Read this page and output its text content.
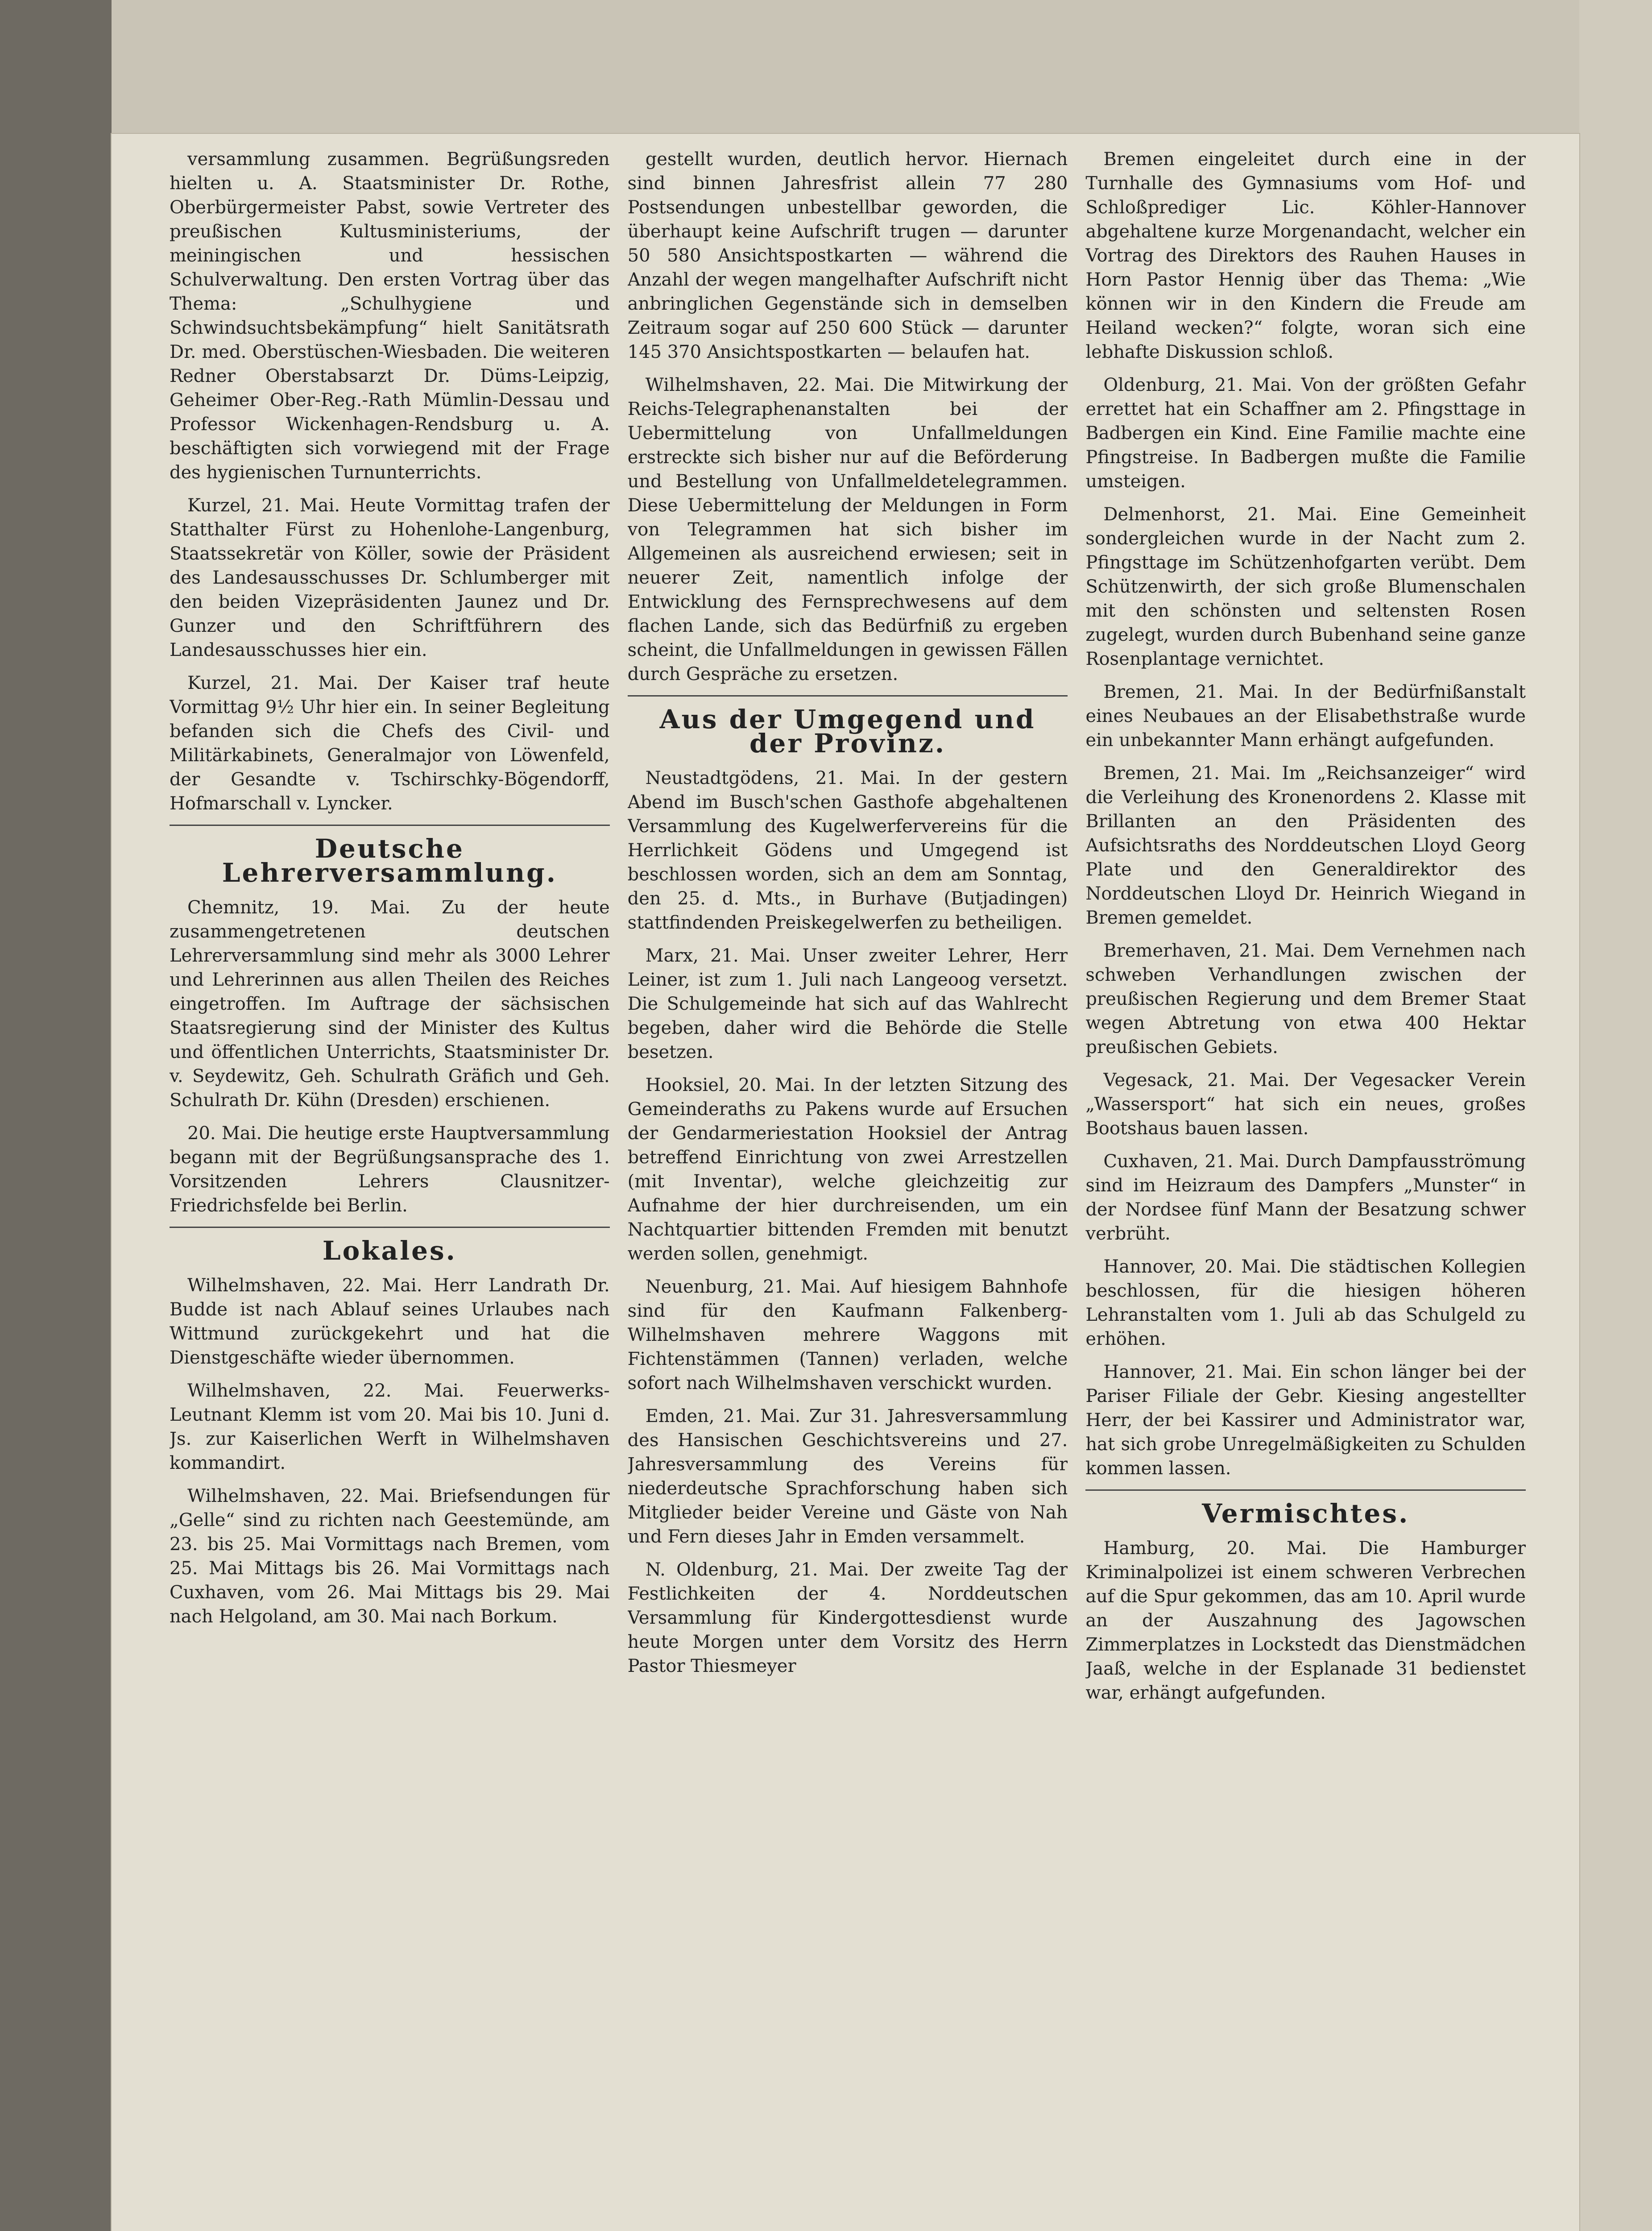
versammlung zusammen. Begrüßungsreden hielten u. A. Staatsminister Dr. Rothe, Oberbürgermeister Pabst, sowie Vertreter des preußischen Kultusministeriums, der meiningischen und hessischen Schulverwaltung. Den ersten Vortrag über das Thema: „Schulhygiene und Schwindsuchtsbekämpfung“ hielt Sanitätsrath Dr. med. Oberstüschen-Wiesbaden. Die weiteren Redner Oberstabsarzt Dr. Düms-Leipzig, Geheimer Ober-Reg.-Rath Mümlin-Dessau und Professor Wickenhagen-Rendsburg u. A. beschäftigten sich vorwiegend mit der Frage des hygienischen Turnunterrichts.

Kurzel, 21. Mai. Heute Vormittag trafen der Statthalter Fürst zu Hohenlohe-Langenburg, Staatssekretär von Köller, sowie der Präsident des Landesausschusses Dr. Schlumberger mit den beiden Vizepräsidenten Jaunez und Dr. Gunzer und den Schriftführern des Landesausschusses hier ein.

Kurzel, 21. Mai. Der Kaiser traf heute Vormittag 9½ Uhr hier ein. In seiner Begleitung befanden sich die Chefs des Civil- und Militärkabinets, Generalmajor von Löwenfeld, der Gesandte v. Tschirschky-Bögendorff, Hofmarschall v. Lyncker.

Deutsche Lehrerversammlung.

Chemnitz, 19. Mai. Zu der heute zusammengetretenen deutschen Lehrerversammlung sind mehr als 3000 Lehrer und Lehrerinnen aus allen Theilen des Reiches eingetroffen. Im Auftrage der sächsischen Staatsregierung sind der Minister des Kultus und öffentlichen Unterrichts, Staatsminister Dr. v. Seydewitz, Geh. Schulrath Gräfich und Geh. Schulrath Dr. Kühn (Dresden) erschienen.

20. Mai. Die heutige erste Hauptversammlung begann mit der Begrüßungsansprache des 1. Vorsitzenden Lehrers Clausnitzer-Friedrichsfelde bei Berlin.

Lokales.

Wilhelmshaven, 22. Mai. Herr Landrath Dr. Budde ist nach Ablauf seines Urlaubes nach Wittmund zurückgekehrt und hat die Dienstgeschäfte wieder übernommen.

Wilhelmshaven, 22. Mai. Feuerwerks-Leutnant Klemm ist vom 20. Mai bis 10. Juni d. Js. zur Kaiserlichen Werft in Wilhelmshaven kommandirt.

Wilhelmshaven, 22. Mai. Briefsendungen für „Gelle“ sind zu richten nach Geestemünde, am 23. bis 25. Mai Vormittags nach Bremen, vom 25. Mai Mittags bis 26. Mai Vormittags nach Cuxhaven, vom 26. Mai Mittags bis 29. Mai nach Helgoland, am 30. Mai nach Borkum.

gestellt wurden, deutlich hervor. Hiernach sind binnen Jahresfrist allein 77 280 Postsendungen unbestellbar geworden, die überhaupt keine Aufschrift trugen — darunter 50 580 Ansichtspostkarten — während die Anzahl der wegen mangelhafter Aufschrift nicht anbringlichen Gegenstände sich in demselben Zeitraum sogar auf 250 600 Stück — darunter 145 370 Ansichtspostkarten — belaufen hat.

Wilhelmshaven, 22. Mai. Die Mitwirkung der Reichs-Telegraphenanstalten bei der Uebermittelung von Unfallmeldungen erstreckte sich bisher nur auf die Beförderung und Bestellung von Unfallmeldetelegrammen. Diese Uebermittelung der Meldungen in Form von Telegrammen hat sich bisher im Allgemeinen als ausreichend erwiesen; seit in neuerer Zeit, namentlich infolge der Entwicklung des Fernsprechwesens auf dem flachen Lande, sich das Bedürfniß zu ergeben scheint, die Unfallmeldungen in gewissen Fällen durch Gespräche zu ersetzen.

Aus der Umgegend und der Provinz.

Neustadtgödens, 21. Mai. In der gestern Abend im Busch'schen Gasthofe abgehaltenen Versammlung des Kugelwerfervereins für die Herrlichkeit Gödens und Umgegend ist beschlossen worden, sich an dem am Sonntag, den 25. d. Mts., in Burhave (Butjadingen) stattfindenden Preiskegelwerfen zu betheiligen.

Marx, 21. Mai. Unser zweiter Lehrer, Herr Leiner, ist zum 1. Juli nach Langeoog versetzt. Die Schulgemeinde hat sich auf das Wahlrecht begeben, daher wird die Behörde die Stelle besetzen.

Hooksiel, 20. Mai. In der letzten Sitzung des Gemeinderaths zu Pakens wurde auf Ersuchen der Gendarmeriestation Hooksiel der Antrag betreffend Einrichtung von zwei Arrestzellen (mit Inventar), welche gleichzeitig zur Aufnahme der hier durchreisenden, um ein Nachtquartier bittenden Fremden mit benutzt werden sollen, genehmigt.

Neuenburg, 21. Mai. Auf hiesigem Bahnhofe sind für den Kaufmann Falkenberg-Wilhelmshaven mehrere Waggons mit Fichtenstämmen (Tannen) verladen, welche sofort nach Wilhelmshaven verschickt wurden.

Emden, 21. Mai. Zur 31. Jahresversammlung des Hansischen Geschichtsvereins und 27. Jahresversammlung des Vereins für niederdeutsche Sprachforschung haben sich Mitglieder beider Vereine und Gäste von Nah und Fern dieses Jahr in Emden versammelt.

N. Oldenburg, 21. Mai. Der zweite Tag der Festlichkeiten der 4. Norddeutschen Versammlung für Kindergottesdienst wurde heute Morgen unter dem Vorsitz des Herrn Pastor Thiesmeyer

Bremen eingeleitet durch eine in der Turnhalle des Gymnasiums vom Hof- und Schloßprediger Lic. Köhler-Hannover abgehaltene kurze Morgenandacht, welcher ein Vortrag des Direktors des Rauhen Hauses in Horn Pastor Hennig über das Thema: „Wie können wir in den Kindern die Freude am Heiland wecken?“ folgte, woran sich eine lebhafte Diskussion schloß.

Oldenburg, 21. Mai. Von der größten Gefahr errettet hat ein Schaffner am 2. Pfingsttage in Badbergen ein Kind. Eine Familie machte eine Pfingstreise. In Badbergen mußte die Familie umsteigen.

Delmenhorst, 21. Mai. Eine Gemeinheit sondergleichen wurde in der Nacht zum 2. Pfingsttage im Schützenhofgarten verübt. Dem Schützenwirth, der sich große Blumenschalen mit den schönsten und seltensten Rosen zugelegt, wurden durch Bubenhand seine ganze Rosenplantage vernichtet.

Bremen, 21. Mai. In der Bedürfnißanstalt eines Neubaues an der Elisabethstraße wurde ein unbekannter Mann erhängt aufgefunden.

Bremen, 21. Mai. Im „Reichsanzeiger“ wird die Verleihung des Kronenordens 2. Klasse mit Brillanten an den Präsidenten des Aufsichtsraths des Norddeutschen Lloyd Georg Plate und den Generaldirektor des Norddeutschen Lloyd Dr. Heinrich Wiegand in Bremen gemeldet.

Bremerhaven, 21. Mai. Dem Vernehmen nach schweben Verhandlungen zwischen der preußischen Regierung und dem Bremer Staat wegen Abtretung von etwa 400 Hektar preußischen Gebiets.

Vegesack, 21. Mai. Der Vegesacker Verein „Wassersport“ hat sich ein neues, großes Bootshaus bauen lassen.

Cuxhaven, 21. Mai. Durch Dampfausströmung sind im Heizraum des Dampfers „Munster“ in der Nordsee fünf Mann der Besatzung schwer verbrüht.

Hannover, 20. Mai. Die städtischen Kollegien beschlossen, für die hiesigen höheren Lehranstalten vom 1. Juli ab das Schulgeld zu erhöhen.

Hannover, 21. Mai. Ein schon länger bei der Pariser Filiale der Gebr. Kiesing angestellter Herr, der bei Kassirer und Administrator war, hat sich grobe Unregelmäßigkeiten zu Schulden kommen lassen.

Vermischtes.

Hamburg, 20. Mai. Die Hamburger Kriminalpolizei ist einem schweren Verbrechen auf die Spur gekommen, das am 10. April wurde an der Auszahnung des Jagowschen Zimmerplatzes in Lockstedt das Dienstmädchen Jaaß, welche in der Esplanade 31 bedienstet war, erhängt aufgefunden.
